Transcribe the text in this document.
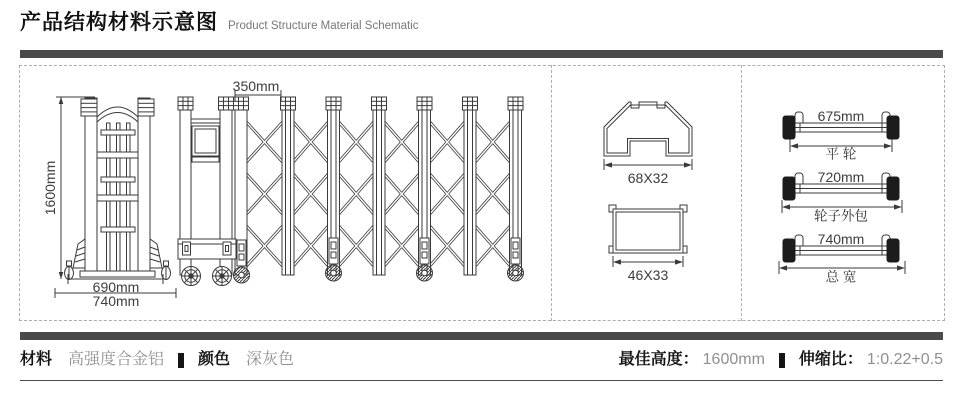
产品结构材料示意图 Product Structure Material Schematic
1600mm
690mm
740mm
350mm
68X32
46X33
675mm
平 轮
720mm
轮子外包
740mm
总 宽
材料 高强度合金铝 颜色 深灰色	最佳高度： 1600mm 伸缩比： 1:0.22+0.5
